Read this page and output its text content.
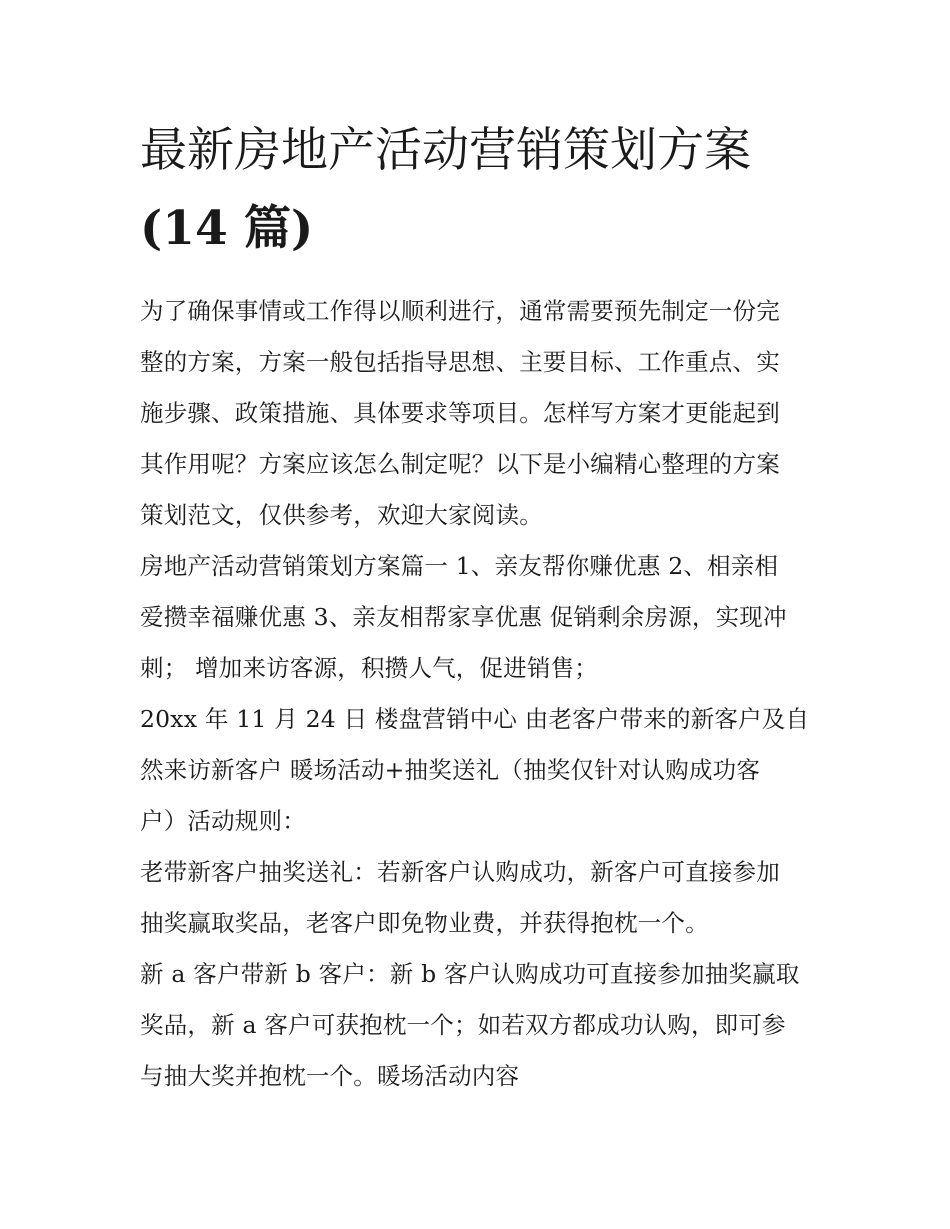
最新房地产活动营销策划方案
(14 篇)

为了确保事情或工作得以顺利进行，通常需要预先制定一份完
整的方案，方案一般包括指导思想、主要目标、工作重点、实
施步骤、政策措施、具体要求等项目。怎样写方案才更能起到
其作用呢？方案应该怎么制定呢？以下是小编精心整理的方案
策划范文，仅供参考，欢迎大家阅读。

房地产活动营销策划方案篇一 1、亲友帮你赚优惠 2、相亲相
爱攒幸福赚优惠 3、亲友相帮家享优惠 促销剩余房源，实现冲
刺； 增加来访客源，积攒人气，促进销售；

20xx 年 11 月 24 日 楼盘营销中心 由老客户带来的新客户及自
然来访新客户 暖场活动+抽奖送礼（抽奖仅针对认购成功客
户）活动规则：

老带新客户抽奖送礼：若新客户认购成功，新客户可直接参加
抽奖赢取奖品，老客户即免物业费，并获得抱枕一个。

新 a 客户带新 b 客户：新 b 客户认购成功可直接参加抽奖赢取
奖品，新 a 客户可获抱枕一个；如若双方都成功认购，即可参
与抽大奖并抱枕一个。暖场活动内容
